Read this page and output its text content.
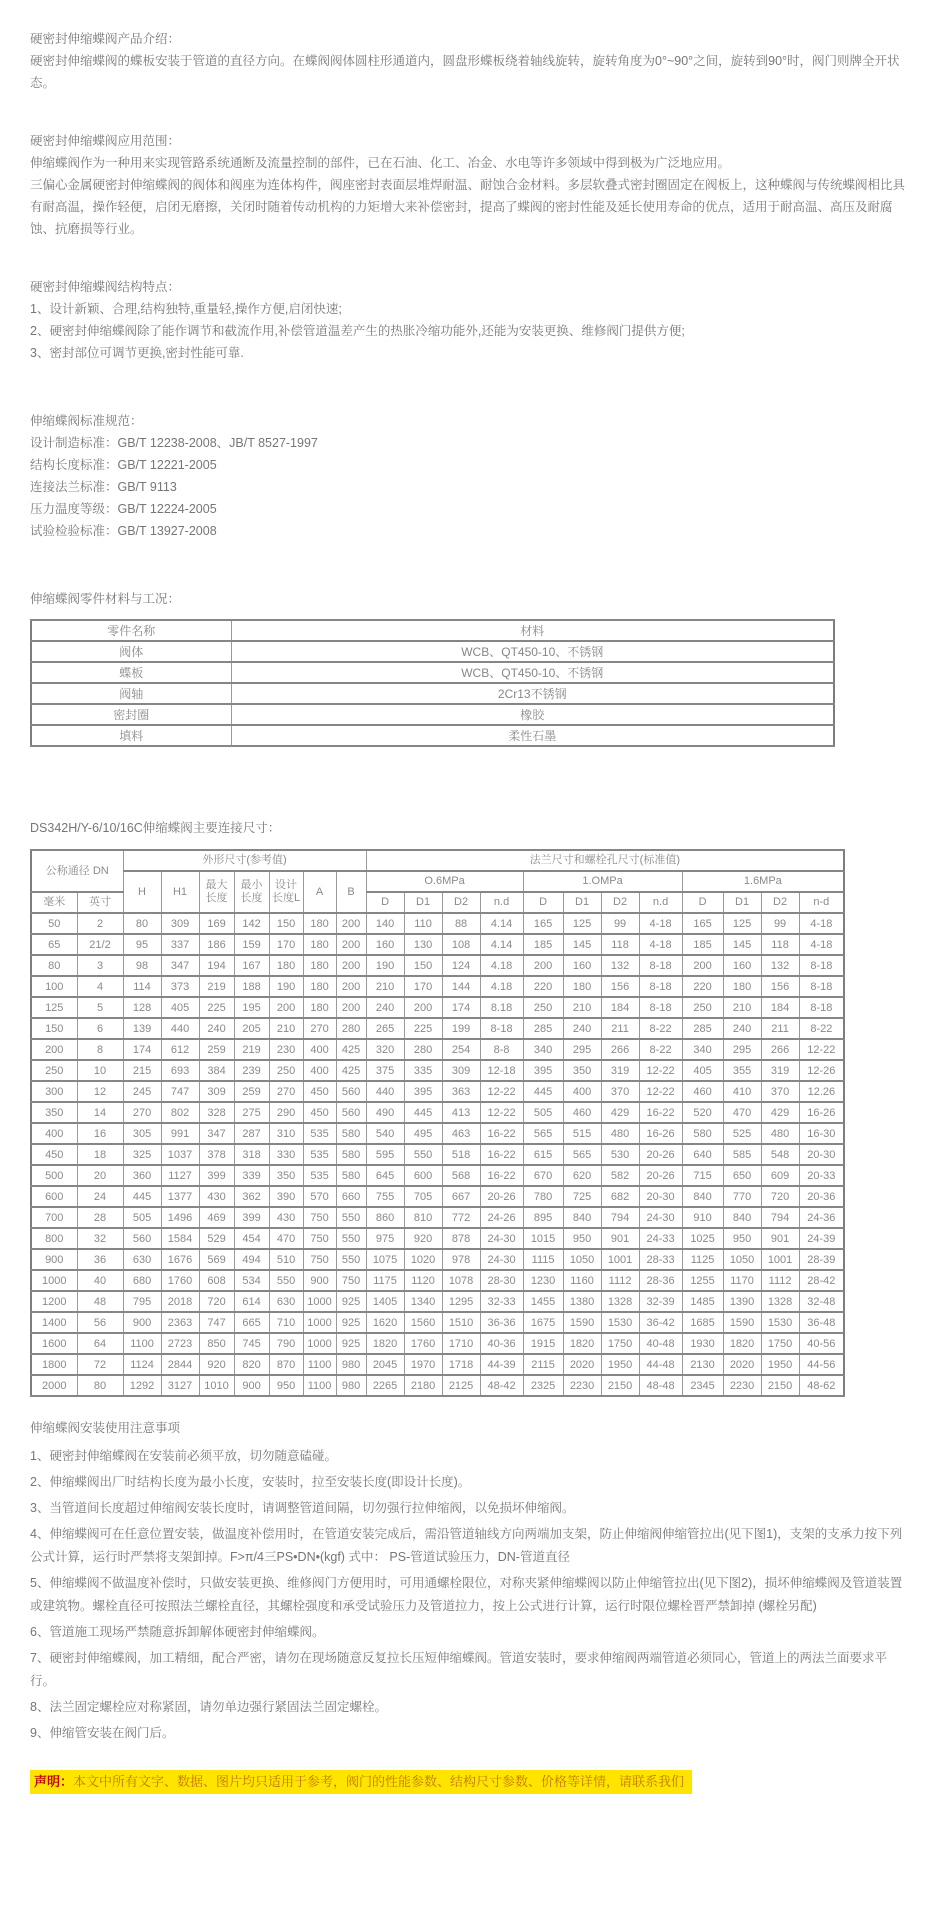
硬密封伸缩蝶阀产品介绍：

硬密封伸缩蝶阀的蝶板安装于管道的直径方向。在蝶阀阀体圆柱形通道内，圆盘形蝶板绕着轴线旋转，旋转角度为0°~90°之间，旋转到90°时，阀门则牌全开状态。

硬密封伸缩蝶阀应用范围：

伸缩蝶阀作为一种用来实现管路系统通断及流量控制的部件，已在石油、化工、冶金、水电等许多领域中得到极为广泛地应用。

三偏心金属硬密封伸缩蝶阀的阀体和阀座为连体构件，阀座密封表面层堆焊耐温、耐蚀合金材料。多层软叠式密封圈固定在阀板上，这种蝶阀与传统蝶阀相比具有耐高温，操作轻便，启闭无磨擦，关闭时随着传动机构的力矩增大来补偿密封，提高了蝶阀的密封性能及延长使用寿命的优点，适用于耐高温、高压及耐腐蚀、抗磨损等行业。

硬密封伸缩蝶阀结构特点：

1、设计新颖、合理,结构独特,重量轻,操作方便,启闭快速;

2、硬密封伸缩蝶阀除了能作调节和截流作用,补偿管道温差产生的热胀冷缩功能外,还能为安装更换、维修阀门提供方便;

3、密封部位可调节更换,密封性能可靠.

伸缩蝶阀标准规范：

设计制造标准：GB/T 12238-2008、JB/T 8527-1997

结构长度标准：GB/T 12221-2005

连接法兰标准：GB/T 9113

压力温度等级：GB/T 12224-2005

试验检验标准：GB/T 13927-2008

伸缩蝶阀零件材料与工况：

零件名称	材料
阀体	WCB、QT450-10、不锈钢
蝶板	WCB、QT450-10、不锈钢
阀轴	2Cr13不锈钢
密封圈	橡胶
填料	柔性石墨

DS342H/Y-6/10/16C伸缩蝶阀主要连接尺寸：

公称通径 DN		外形尺寸(参考值)							法兰尺寸和螺栓孔尺寸(标准值)											
		H	H1	最大长度	最小长度	设计长度L	A	B	O.6MPa				1.OMPa				1.6MPa			
毫米	英寸								D	D1	D2	n.d	D	D1	D2	n.d	D	D1	D2	n-d
50	2	80	309	169	142	150	180	200	140	110	88	4.14	165	125	99	4-18	165	125	99	4-18
65	21/2	95	337	186	159	170	180	200	160	130	108	4.14	185	145	118	4-18	185	145	118	4-18
80	3	98	347	194	167	180	180	200	190	150	124	4.18	200	160	132	8-18	200	160	132	8-18
100	4	114	373	219	188	190	180	200	210	170	144	4.18	220	180	156	8-18	220	180	156	8-18
125	5	128	405	225	195	200	180	200	240	200	174	8.18	250	210	184	8-18	250	210	184	8-18
150	6	139	440	240	205	210	270	280	265	225	199	8-18	285	240	211	8-22	285	240	211	8-22
200	8	174	612	259	219	230	400	425	320	280	254	8-8	340	295	266	8-22	340	295	266	12-22
250	10	215	693	384	239	250	400	425	375	335	309	12-18	395	350	319	12-22	405	355	319	12-26
300	12	245	747	309	259	270	450	560	440	395	363	12-22	445	400	370	12-22	460	410	370	12.26
350	14	270	802	328	275	290	450	560	490	445	413	12-22	505	460	429	16-22	520	470	429	16-26
400	16	305	991	347	287	310	535	580	540	495	463	16-22	565	515	480	16-26	580	525	480	16-30
450	18	325	1037	378	318	330	535	580	595	550	518	16-22	615	565	530	20-26	640	585	548	20-30
500	20	360	1127	399	339	350	535	580	645	600	568	16-22	670	620	582	20-26	715	650	609	20-33
600	24	445	1377	430	362	390	570	660	755	705	667	20-26	780	725	682	20-30	840	770	720	20-36
700	28	505	1496	469	399	430	750	550	860	810	772	24-26	895	840	794	24-30	910	840	794	24-36
800	32	560	1584	529	454	470	750	550	975	920	878	24-30	1015	950	901	24-33	1025	950	901	24-39
900	36	630	1676	569	494	510	750	550	1075	1020	978	24-30	1115	1050	1001	28-33	1125	1050	1001	28-39
1000	40	680	1760	608	534	550	900	750	1175	1120	1078	28-30	1230	1160	1112	28-36	1255	1170	1112	28-42
1200	48	795	2018	720	614	630	1000	925	1405	1340	1295	32-33	1455	1380	1328	32-39	1485	1390	1328	32-48
1400	56	900	2363	747	665	710	1000	925	1620	1560	1510	36-36	1675	1590	1530	36-42	1685	1590	1530	36-48
1600	64	1100	2723	850	745	790	1000	925	1820	1760	1710	40-36	1915	1820	1750	40-48	1930	1820	1750	40-56
1800	72	1124	2844	920	820	870	1100	980	2045	1970	1718	44-39	2115	2020	1950	44-48	2130	2020	1950	44-56
2000	80	1292	3127	1010	900	950	1100	980	2265	2180	2125	48-42	2325	2230	2150	48-48	2345	2230	2150	48-62

伸缩蝶阀安装使用注意事项

1、硬密封伸缩蝶阀在安装前必须平放，切勿随意磕碰。

2、伸缩蝶阀出厂时结构长度为最小长度，安装时，拉至安装长度(即设计长度)。

3、当管道间长度超过伸缩阀安装长度时，请调整管道间隔，切勿强行拉伸缩阀，以免损坏伸缩阀。

4、伸缩蝶阀可在任意位置安装，做温度补偿用时，在管道安装完成后，需沿管道轴线方向两端加支架，防止伸缩阀伸缩管拉出(见下图1)，支架的支承力按下列公式计算，运行时严禁将支架卸掉。F>π/4三PS•DN•(kgf) 式中： PS-管道试验压力，DN-管道直径

5、伸缩蝶阀不做温度补偿时，只做安装更换、维修阀门方便用时，可用通螺栓限位，对称夹紧伸缩蝶阀以防止伸缩管拉出(见下图2)，损坏伸缩蝶阀及管道装置或建筑物。螺栓直径可按照法兰螺栓直径，其螺栓强度和承受试验压力及管道拉力，按上公式进行计算，运行时限位螺栓晋严禁卸掉 (螺栓另配)

6、管道施工现场严禁随意拆卸解体硬密封伸缩蝶阀。

7、硬密封伸缩蝶阀，加工精细，配合严密，请勿在现场随意反复拉长压短伸缩蝶阀。管道安装时，要求伸缩阀两端管道必须同心，管道上的两法兰面要求平行。

8、法兰固定螺栓应对称紧固，请勿单边强行紧固法兰固定螺栓。

9、伸缩管安装在阀门后。

声明：本文中所有文字、数据、图片均只适用于参考，阀门的性能参数、结构尺寸参数、价格等详情，请联系我们
